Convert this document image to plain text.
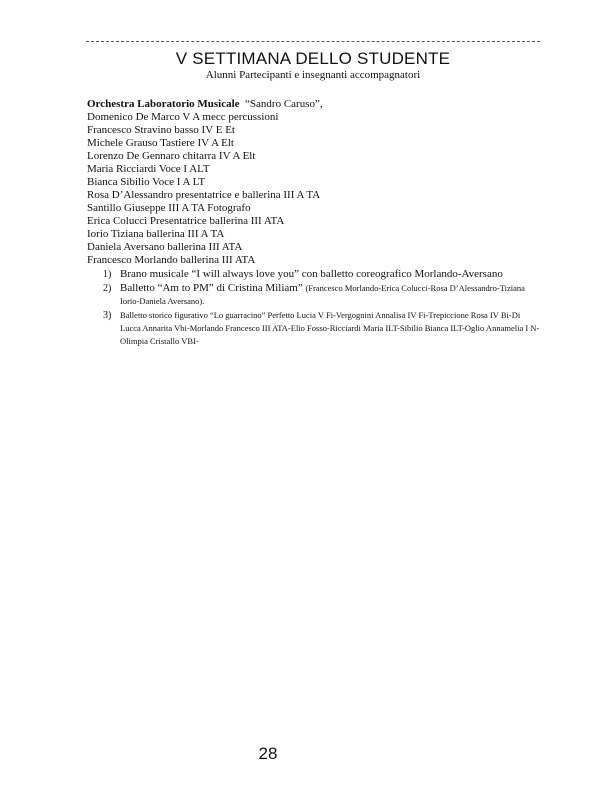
V SETTIMANA DELLO STUDENTE
Alunni Partecipanti e insegnanti accompagnatori
Orchestra Laboratorio Musicale “Sandro Caruso”,
Domenico De Marco V A mecc percussioni
Francesco Stravino basso IV E Et
Michele Grauso Tastiere IV A Elt
Lorenzo De Gennaro chitarra IV A Elt
Maria Ricciardi Voce I ALT
Bianca Sibilio Voce I A LT
Rosa D’Alessandro presentatrice e ballerina III A TA
Santillo Giuseppe III A TA Fotografo
Erica Colucci Presentatrice ballerina III ATA
Iorio Tiziana ballerina III A TA
Daniela Aversano ballerina III ATA
Francesco Morlando ballerina III ATA
1) Brano musicale “I will always love you” con balletto coreografico Morlando-Aversano
2) Balletto “Am to PM” di Cristina Miliam” (Francesco Morlando-Erica Colucci-Rosa D’Alessandro-Tiziana Iorio-Daniela Aversano).
3) Balletto storico figurativo “Lo guarracino” Perfetto Lucia V Fi-Vergognini Annalisa IV Fi-Trepiccione Rosa IV Bi-Di Lucca Annarita Vbi-Morlando Francesco III ATA-Elio Fosso-Ricciardi Maria ILT-Sibilio Bianca ILT-Oglio Annamelia I N- Olimpia Cristallo VBI-
28
